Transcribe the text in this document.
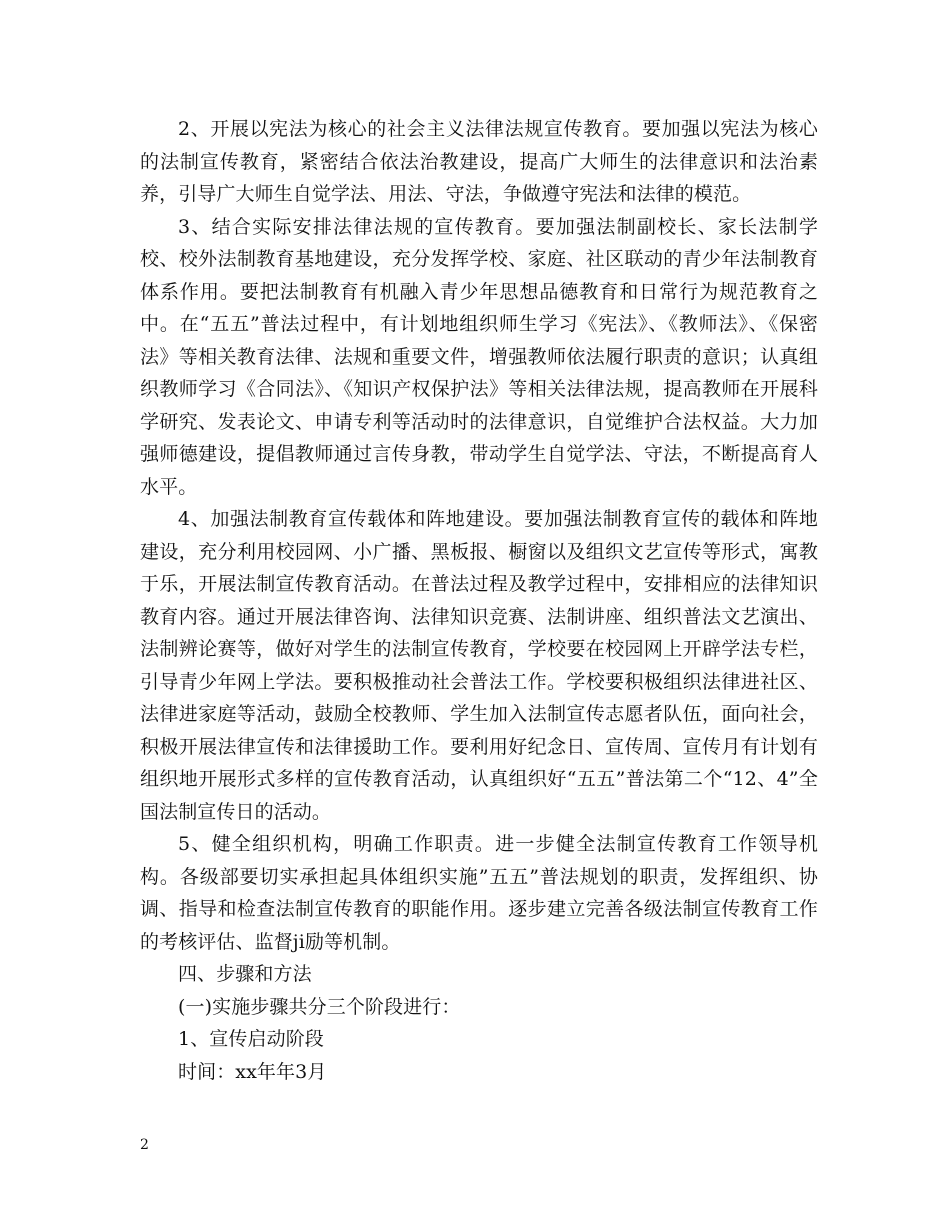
2、开展以宪法为核心的社会主义法律法规宣传教育。要加强以宪法为核心的法制宣传教育，紧密结合依法治教建设，提高广大师生的法律意识和法治素养，引导广大师生自觉学法、用法、守法，争做遵守宪法和法律的模范。

3、结合实际安排法律法规的宣传教育。要加强法制副校长、家长法制学校、校外法制教育基地建设，充分发挥学校、家庭、社区联动的青少年法制教育体系作用。要把法制教育有机融入青少年思想品德教育和日常行为规范教育之中。在“五五”普法过程中，有计划地组织师生学习《宪法》、《教师法》、《保密法》等相关教育法律、法规和重要文件，增强教师依法履行职责的意识；认真组织教师学习《合同法》、《知识产权保护法》等相关法律法规，提高教师在开展科学研究、发表论文、申请专利等活动时的法律意识，自觉维护合法权益。大力加强师德建设，提倡教师通过言传身教，带动学生自觉学法、守法，不断提高育人水平。

4、加强法制教育宣传载体和阵地建设。要加强法制教育宣传的载体和阵地建设，充分利用校园网、小广播、黑板报、橱窗以及组织文艺宣传等形式，寓教于乐，开展法制宣传教育活动。在普法过程及教学过程中，安排相应的法律知识教育内容。通过开展法律咨询、法律知识竞赛、法制讲座、组织普法文艺演出、法制辨论赛等，做好对学生的法制宣传教育，学校要在校园网上开辟学法专栏，引导青少年网上学法。要积极推动社会普法工作。学校要积极组织法律进社区、法律进家庭等活动，鼓励全校教师、学生加入法制宣传志愿者队伍，面向社会，积极开展法律宣传和法律援助工作。要利用好纪念日、宣传周、宣传月有计划有组织地开展形式多样的宣传教育活动，认真组织好“五五”普法第二个“12、4”全国法制宣传日的活动。

5、健全组织机构，明确工作职责。进一步健全法制宣传教育工作领导机构。各级部要切实承担起具体组织实施”五五”普法规划的职责，发挥组织、协调、指导和检查法制宣传教育的职能作用。逐步建立完善各级法制宣传教育工作的考核评估、监督ji励等机制。

四、步骤和方法

(一)实施步骤共分三个阶段进行：

1、宣传启动阶段

时间：xx年年3月

2
